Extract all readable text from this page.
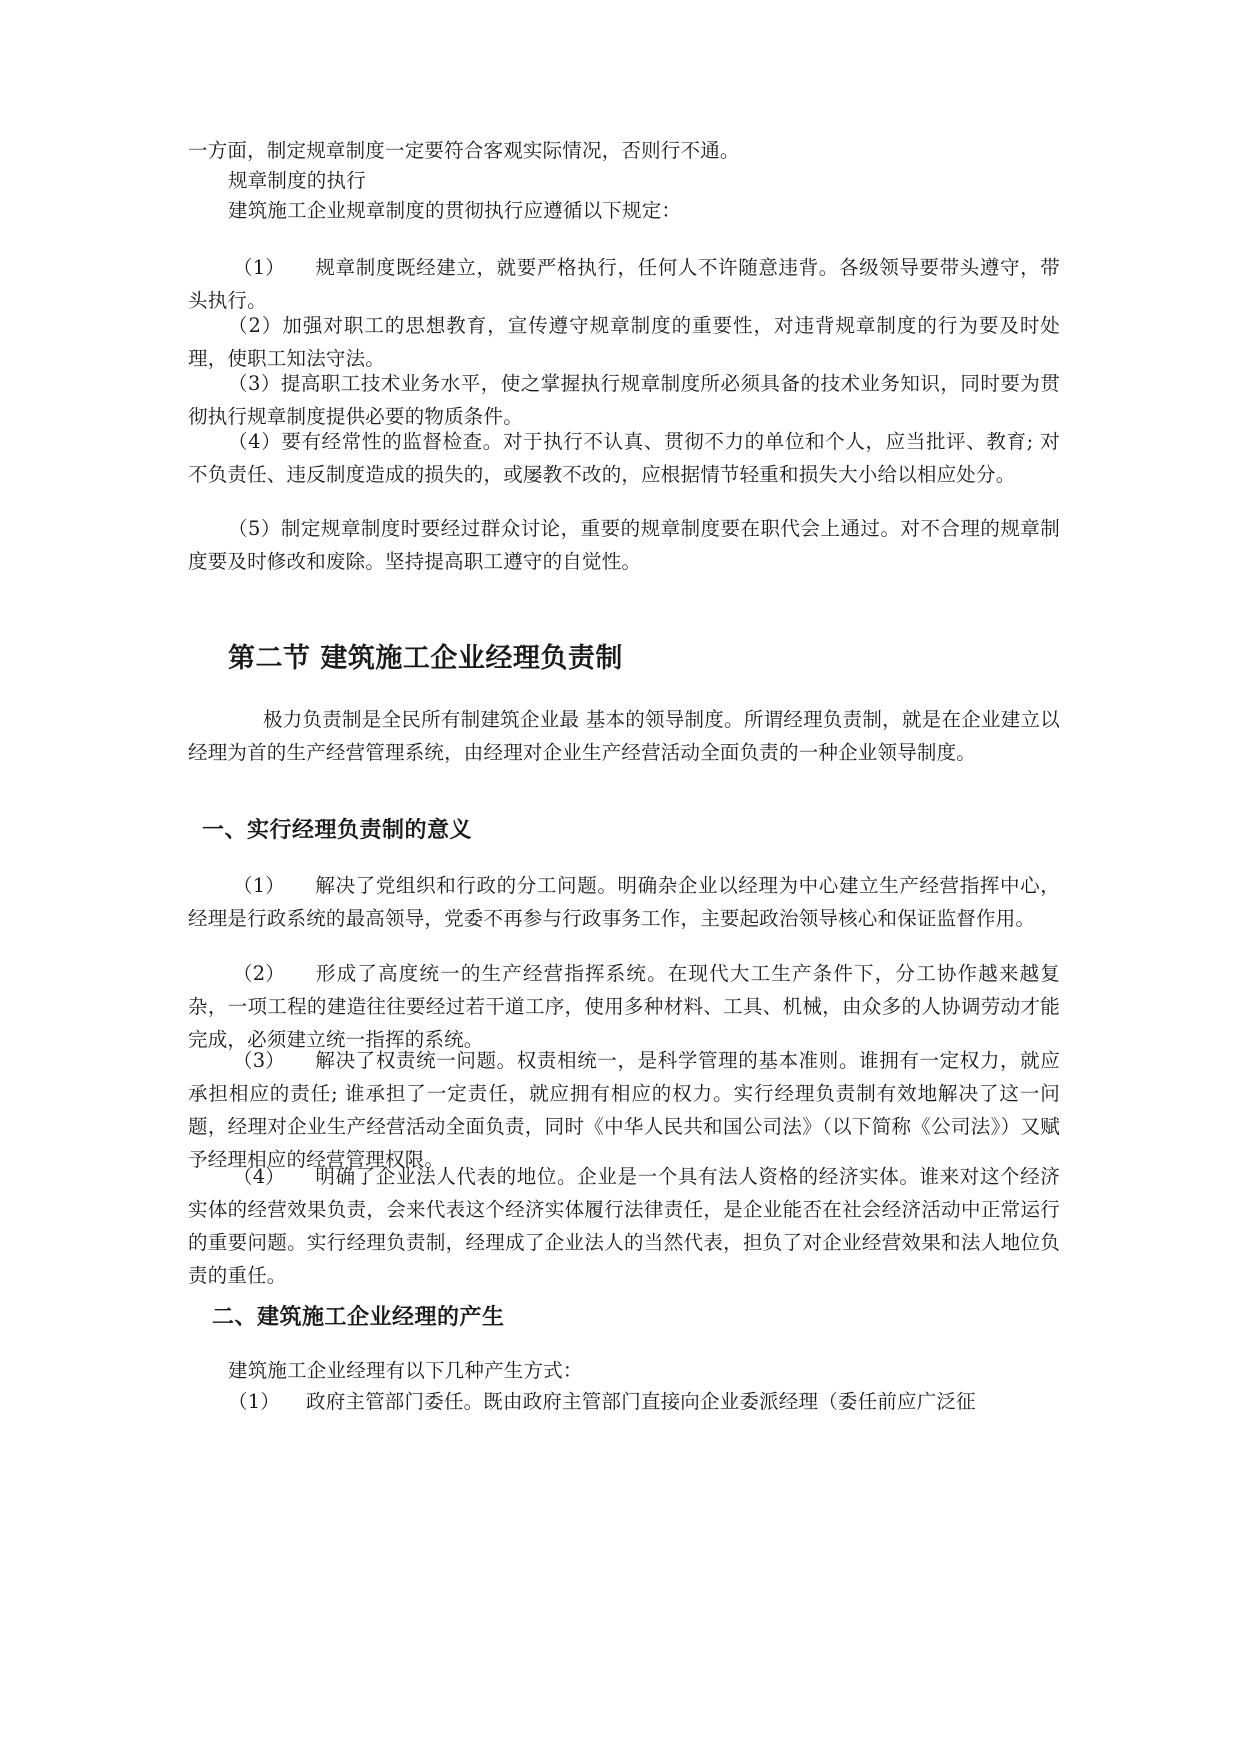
一方面，制定规章制度一定要符合客观实际情况，否则行不通。

规章制度的执行

建筑施工企业规章制度的贯彻执行应遵循以下规定：

（1） 规章制度既经建立，就要严格执行，任何人不许随意违背。各级领导要带头遵守，带头执行。

（2）加强对职工的思想教育，宣传遵守规章制度的重要性，对违背规章制度的行为要及时处理，使职工知法守法。

（3）提高职工技术业务水平，使之掌握执行规章制度所必须具备的技术业务知识，同时要为贯彻执行规章制度提供必要的物质条件。

（4）要有经常性的监督检查。对于执行不认真、贯彻不力的单位和个人，应当批评、教育; 对不负责任、违反制度造成的损失的，或屡教不改的，应根据情节轻重和损失大小给以相应处分。

（5）制定规章制度时要经过群众讨论，重要的规章制度要在职代会上通过。对不合理的规章制度要及时修改和废除。坚持提高职工遵守的自觉性。

第二节 建筑施工企业经理负责制

极力负责制是全民所有制建筑企业最 基本的领导制度。所谓经理负责制，就是在企业建立以经理为首的生产经营管理系统，由经理对企业生产经营活动全面负责的一种企业领导制度。

一、实行经理负责制的意义

（1） 解决了党组织和行政的分工问题。明确杂企业以经理为中心建立生产经营指挥中心，经理是行政系统的最高领导，党委不再参与行政事务工作，主要起政治领导核心和保证监督作用。

（2） 形成了高度统一的生产经营指挥系统。在现代大工生产条件下，分工协作越来越复杂，一项工程的建造往往要经过若干道工序，使用多种材料、工具、机械，由众多的人协调劳动才能完成，必须建立统一指挥的系统。

（3） 解决了权责统一问题。权责相统一，是科学管理的基本准则。谁拥有一定权力，就应承担相应的责任; 谁承担了一定责任，就应拥有相应的权力。实行经理负责制有效地解决了这一问题，经理对企业生产经营活动全面负责，同时《中华人民共和国公司法》（以下简称《公司法》）又赋予经理相应的经营管理权限。

（4） 明确了企业法人代表的地位。企业是一个具有法人资格的经济实体。谁来对这个经济实体的经营效果负责，会来代表这个经济实体履行法律责任，是企业能否在社会经济活动中正常运行的重要问题。实行经理负责制，经理成了企业法人的当然代表，担负了对企业经营效果和法人地位负责的重任。

二、建筑施工企业经理的产生

建筑施工企业经理有以下几种产生方式：

（1） 政府主管部门委任。既由政府主管部门直接向企业委派经理（委任前应广泛征
